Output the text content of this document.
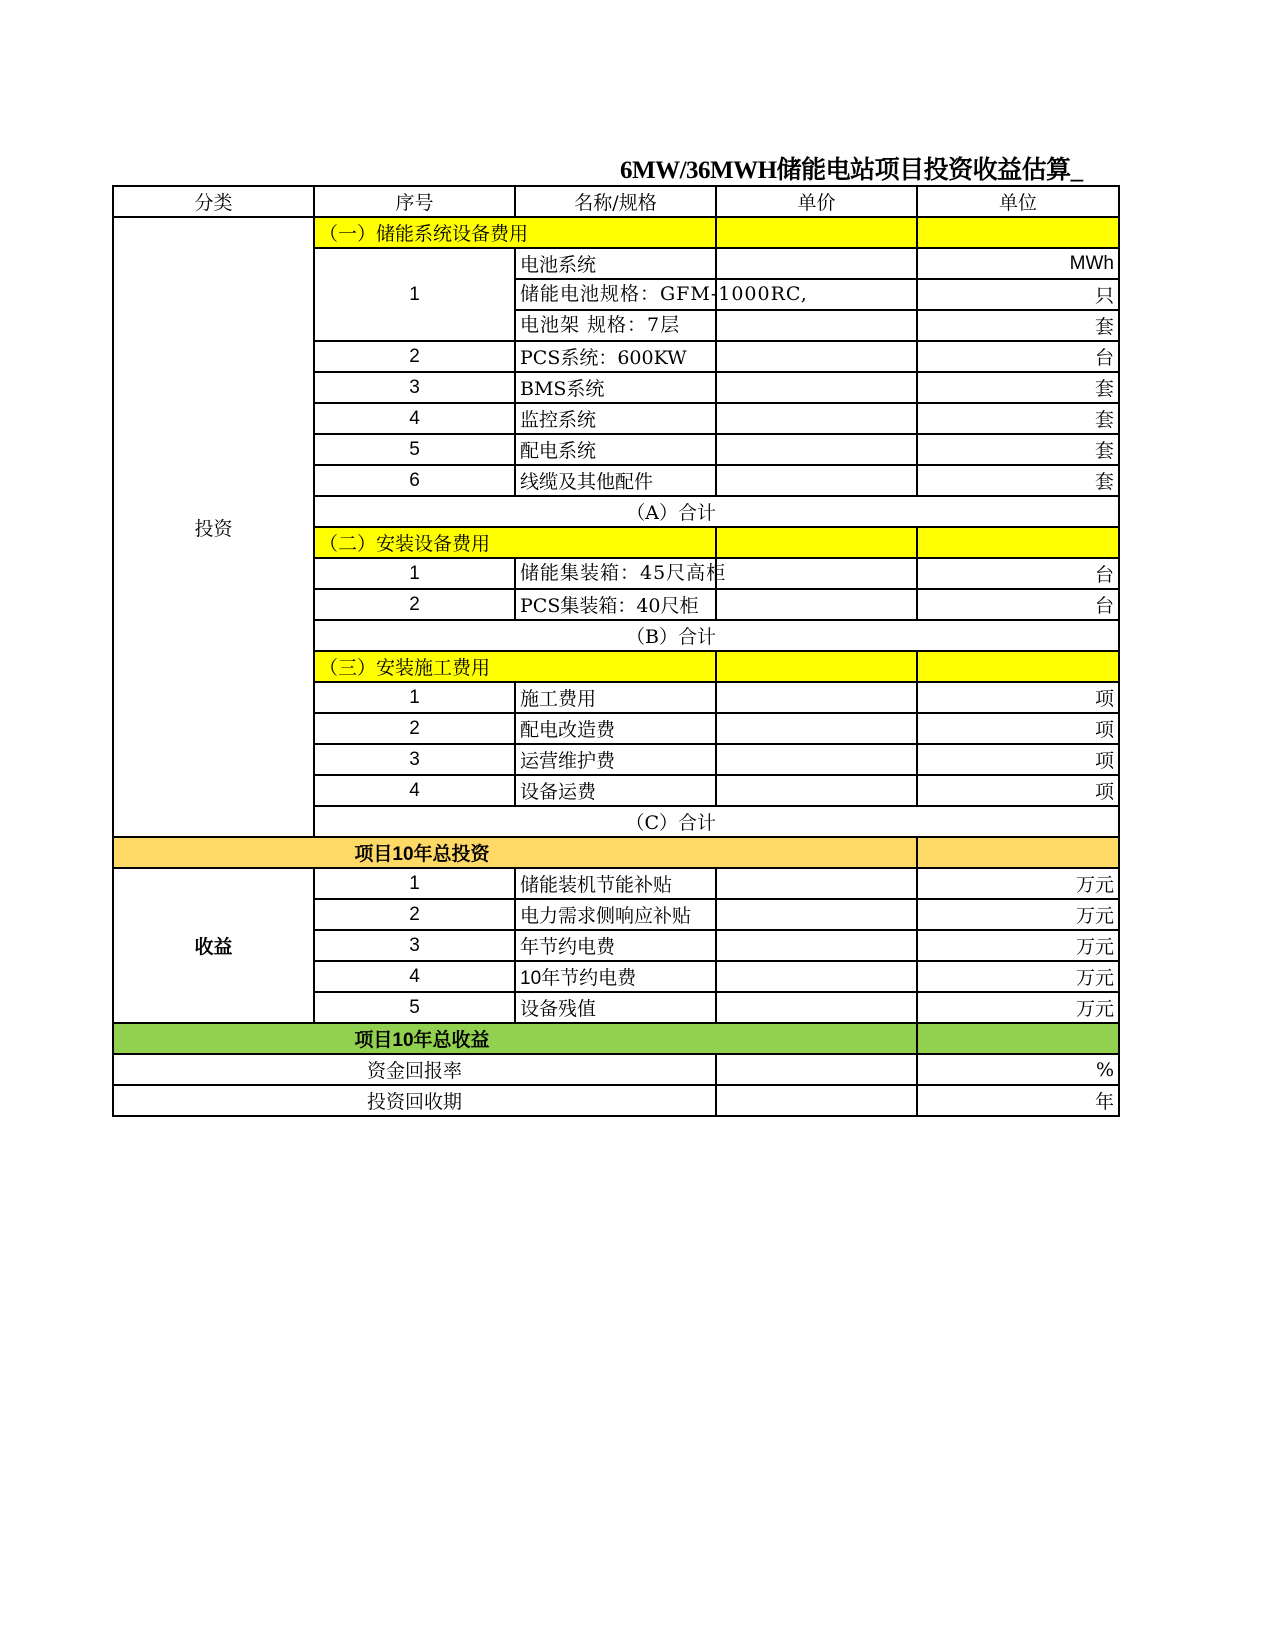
6MW/36MWH储能电站项目投资收益估算_
分类	序号	名称/规格	单价	单位
投资	（一）储能系统设备费用			
	1	电池系统		MWh
		储能电池规格：GFM-1000RC,		只
		电池架 规格：7层		套
	2	PCS系统：600KW		台
	3	BMS系统		套
	4	监控系统		套
	5	配电系统		套
	6	线缆及其他配件		套
	（A）合计			
	（二）安装设备费用			
	1	储能集装箱：45尺高柜		台
	2	PCS集装箱：40尺柜		台
	（B）合计			
	（三）安装施工费用			
	1	施工费用		项
	2	配电改造费		项
	3	运营维护费		项
	4	设备运费		项
	（C）合计			
项目10年总投资				
收益	1	储能装机节能补贴		万元
	2	电力需求侧响应补贴		万元
	3	年节约电费		万元
	4	10年节约电费		万元
	5	设备残值		万元
项目10年总收益				
资金回报率				%
投资回收期				年
